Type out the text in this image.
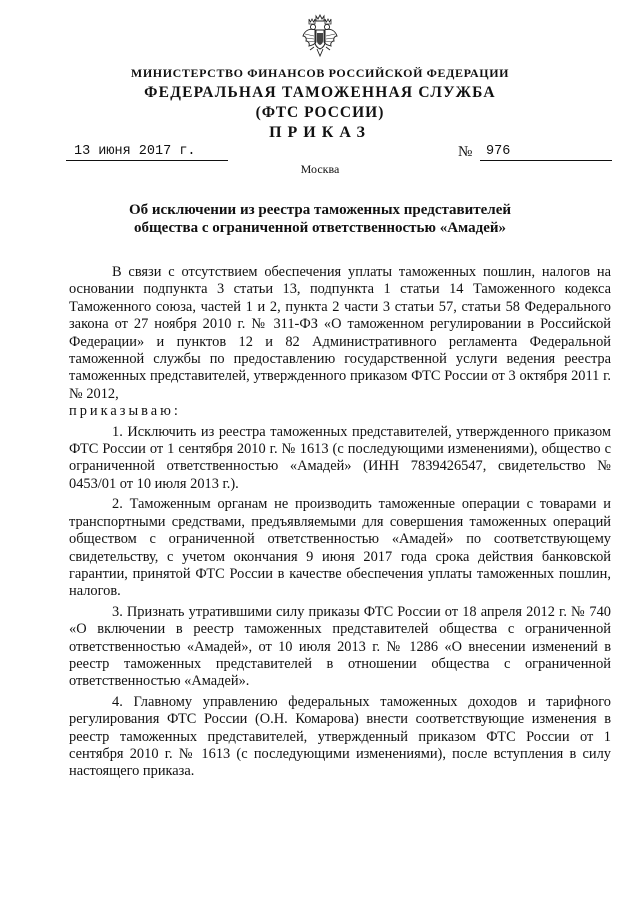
МИНИСТЕРСТВО ФИНАНСОВ РОССИЙСКОЙ ФЕДЕРАЦИИ
ФЕДЕРАЛЬНАЯ ТАМОЖЕННАЯ СЛУЖБА
(ФТС РОССИИ)
ПРИКАЗ
13 июня 2017 г.	№	976
Москва
Об исключении из реестра таможенных представителей
общества с ограниченной ответственностью «Амадей»

В связи с отсутствием обеспечения уплаты таможенных пошлин, налогов на основании подпункта 3 статьи 13, подпункта 1 статьи 14 Таможенного кодекса Таможенного союза, частей 1 и 2, пункта 2 части 3 статьи 57, статьи 58 Федерального закона от 27 ноября 2010 г. № 311-ФЗ «О таможенном регулировании в Российской Федерации» и пунктов 12 и 82 Административного регламента Федеральной таможенной службы по предоставлению государственной услуги ведения реестра таможенных представителей, утвержденного приказом ФТС России от 3 октября 2011 г. № 2012,
приказываю:

1. Исключить из реестра таможенных представителей, утвержденного приказом ФТС России от 1 сентября 2010 г. № 1613 (с последующими изменениями), общество с ограниченной ответственностью «Амадей» (ИНН 7839426547, свидетельство № 0453/01 от 10 июля 2013 г.).

2. Таможенным органам не производить таможенные операции с товарами и транспортными средствами, предъявляемыми для совершения таможенных операций обществом с ограниченной ответственностью «Амадей» по соответствующему свидетельству, с учетом окончания 9 июня 2017 года срока действия банковской гарантии, принятой ФТС России в качестве обеспечения уплаты таможенных пошлин, налогов.

3. Признать утратившими силу приказы ФТС России от 18 апреля 2012 г. № 740 «О включении в реестр таможенных представителей общества с ограниченной ответственностью «Амадей», от 10 июля 2013 г. № 1286 «О внесении изменений в реестр таможенных представителей в отношении общества с ограниченной ответственностью «Амадей».

4. Главному управлению федеральных таможенных доходов и тарифного регулирования ФТС России (О.Н. Комарова) внести соответствующие изменения в реестр таможенных представителей, утвержденный приказом ФТС России от 1 сентября 2010 г. № 1613 (с последующими изменениями), после вступления в силу настоящего приказа.
